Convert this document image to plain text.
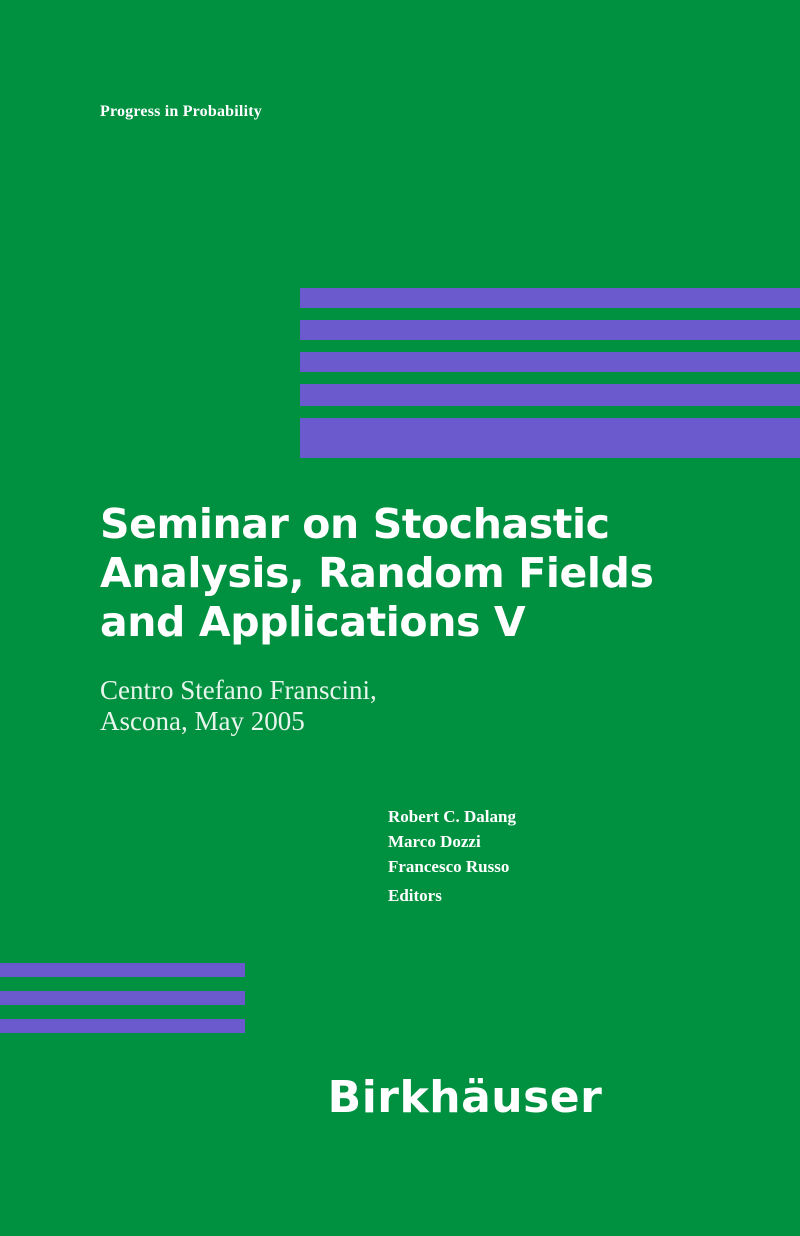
Progress in Probability
Seminar on Stochastic
Analysis, Random Fields
and Applications V
Centro Stefano Franscini,
Ascona, May 2005
Robert C. Dalang
Marco Dozzi
Francesco Russo
Editors
Birkhäuser
